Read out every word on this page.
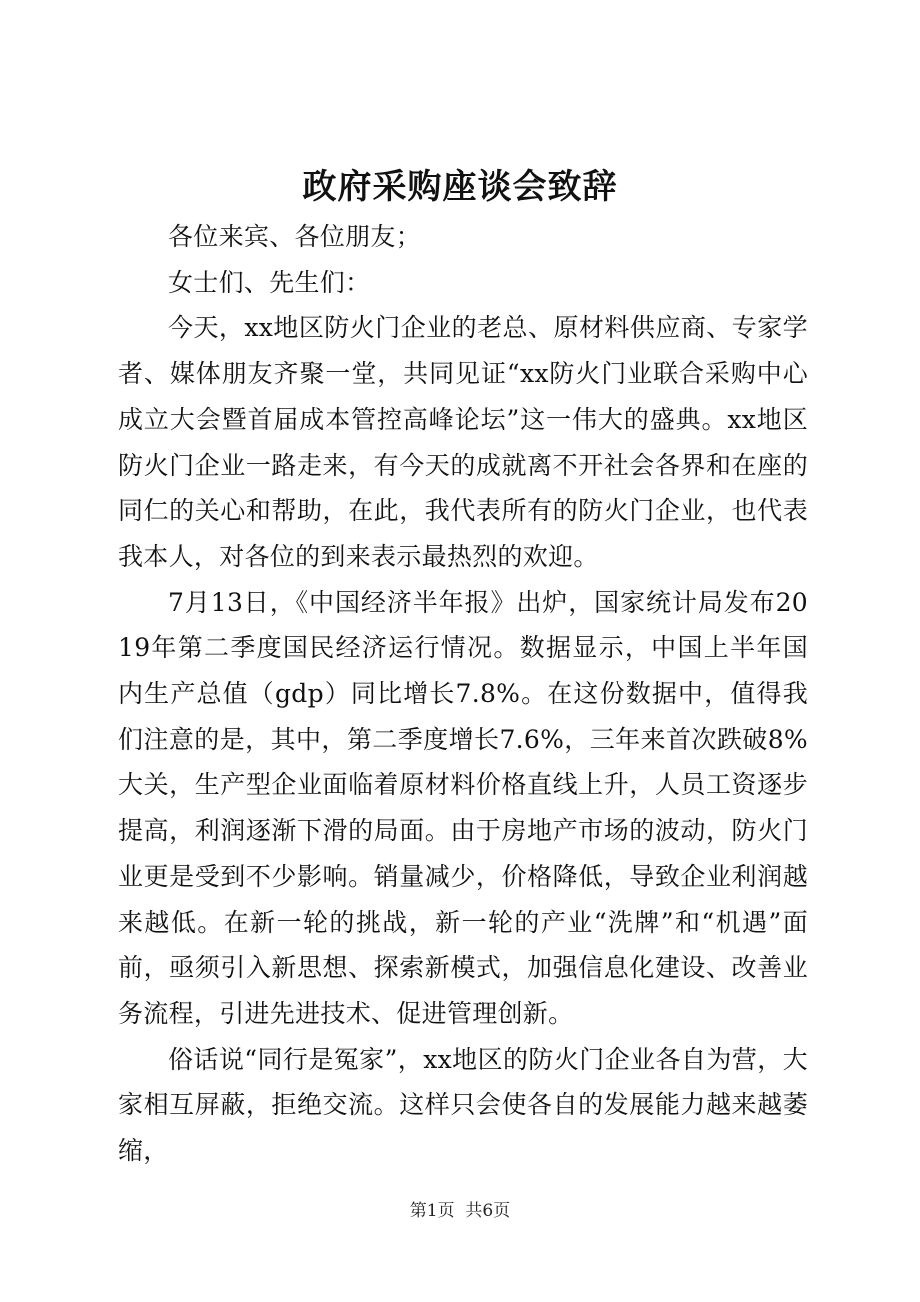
政府采购座谈会致辞

各位来宾、各位朋友；

女士们、先生们：

今天，xx地区防火门企业的老总、原材料供应商、专家学者、媒体朋友齐聚一堂，共同见证“xx防火门业联合采购中心成立大会暨首届成本管控高峰论坛”这一伟大的盛典。xx地区防火门企业一路走来，有今天的成就离不开社会各界和在座的同仁的关心和帮助，在此，我代表所有的防火门企业，也代表我本人，对各位的到来表示最热烈的欢迎。

7月13日，《中国经济半年报》出炉，国家统计局发布2019年第二季度国民经济运行情况。数据显示，中国上半年国内生产总值（gdp）同比增长7.8%。在这份数据中，值得我们注意的是，其中，第二季度增长7.6%，三年来首次跌破8%大关，生产型企业面临着原材料价格直线上升，人员工资逐步提高，利润逐渐下滑的局面。由于房地产市场的波动，防火门业更是受到不少影响。销量减少，价格降低，导致企业利润越来越低。在新一轮的挑战，新一轮的产业“洗牌”和“机遇”面前，亟须引入新思想、探索新模式，加强信息化建设、改善业务流程，引进先进技术、促进管理创新。

俗话说“同行是冤家”，xx地区的防火门企业各自为营，大家相互屏蔽，拒绝交流。这样只会使各自的发展能力越来越萎缩，

第1页 共6页
